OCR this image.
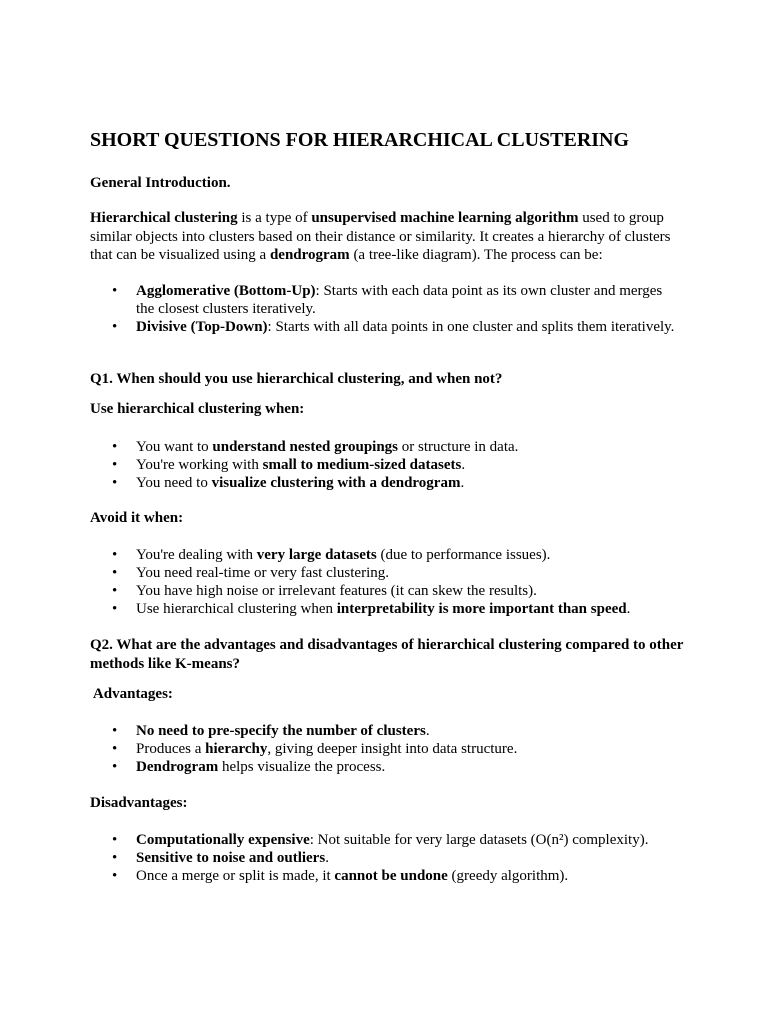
SHORT QUESTIONS FOR HIERARCHICAL CLUSTERING

General Introduction.

Hierarchical clustering is a type of unsupervised machine learning algorithm used to group similar objects into clusters based on their distance or similarity. It creates a hierarchy of clusters that can be visualized using a dendrogram (a tree-like diagram). The process can be:

• Agglomerative (Bottom-Up): Starts with each data point as its own cluster and merges the closest clusters iteratively.
• Divisive (Top-Down): Starts with all data points in one cluster and splits them iteratively.

Q1. When should you use hierarchical clustering, and when not?

Use hierarchical clustering when:

• You want to understand nested groupings or structure in data.
• You're working with small to medium-sized datasets.
• You need to visualize clustering with a dendrogram.

Avoid it when:

• You're dealing with very large datasets (due to performance issues).
• You need real-time or very fast clustering.
• You have high noise or irrelevant features (it can skew the results).
• Use hierarchical clustering when interpretability is more important than speed.

Q2. What are the advantages and disadvantages of hierarchical clustering compared to other methods like K-means?

Advantages:

• No need to pre-specify the number of clusters.
• Produces a hierarchy, giving deeper insight into data structure.
• Dendrogram helps visualize the process.

Disadvantages:

• Computationally expensive: Not suitable for very large datasets (O(n²) complexity).
• Sensitive to noise and outliers.
• Once a merge or split is made, it cannot be undone (greedy algorithm).
